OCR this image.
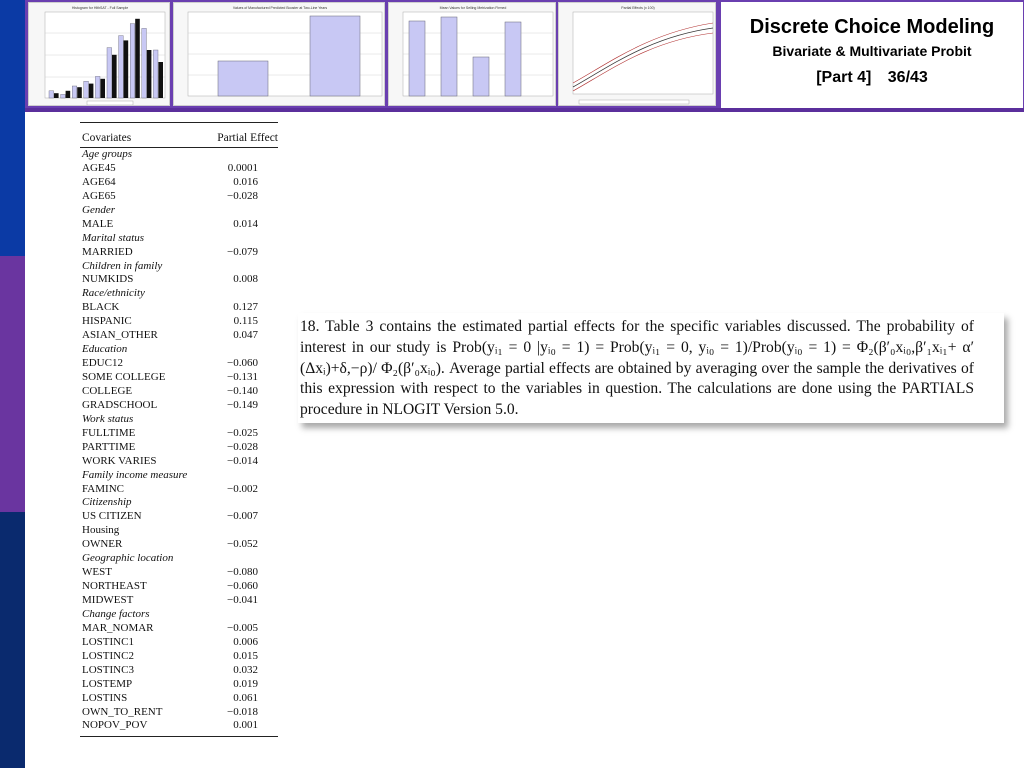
Histogram for HlthSAT - Full Sample	Values of Manufactured Predicted Booster at Two-Line Years	Mean Values for Selling Metrization Firmed	Partial Effects (x 100)
Discrete Choice Modeling
Bivariate & Multivariate Probit
[Part 4] 36/43
Covariates	Partial Effect
Age groups
AGE45	0.0001
AGE64	0.016
AGE65	−0.028
Gender
MALE	0.014
Marital status
MARRIED	−0.079
Children in family
NUMKIDS	0.008
Race/ethnicity
BLACK	0.127
HISPANIC	0.115
ASIAN_OTHER	0.047
Education
EDUC12	−0.060
SOME COLLEGE	−0.131
COLLEGE	−0.140
GRADSCHOOL	−0.149
Work status
FULLTIME	−0.025
PARTTIME	−0.028
WORK VARIES	−0.014
Family income measure
FAMINC	−0.002
Citizenship
US CITIZEN	−0.007
Housing
OWNER	−0.052
Geographic location
WEST	−0.080
NORTHEAST	−0.060
MIDWEST	−0.041
Change factors
MAR_NOMAR	−0.005
LOSTINC1	0.006
LOSTINC2	0.015
LOSTINC3	0.032
LOSTEMP	0.019
LOSTINS	0.061
OWN_TO_RENT	−0.018
NOPOV_POV	0.001

18. Table 3 contains the estimated partial effects for the specific variables discussed. The probability of interest in our study is Prob(yᵢ₁ = 0 |yᵢ₀ = 1) = Prob(yᵢ₁ = 0, yᵢ₀ = 1)/Prob(yᵢ₀ = 1) = Φ₂(β′₀xᵢ₀,β′₁xᵢ₁+ α′(Δxᵢ)+δ,−ρ)/ Φ₂(β′₀xᵢ₀). Average partial effects are obtained by averaging over the sample the derivatives of this expression with respect to the variables in question. The calculations are done using the PARTIALS procedure in NLOGIT Version 5.0.
